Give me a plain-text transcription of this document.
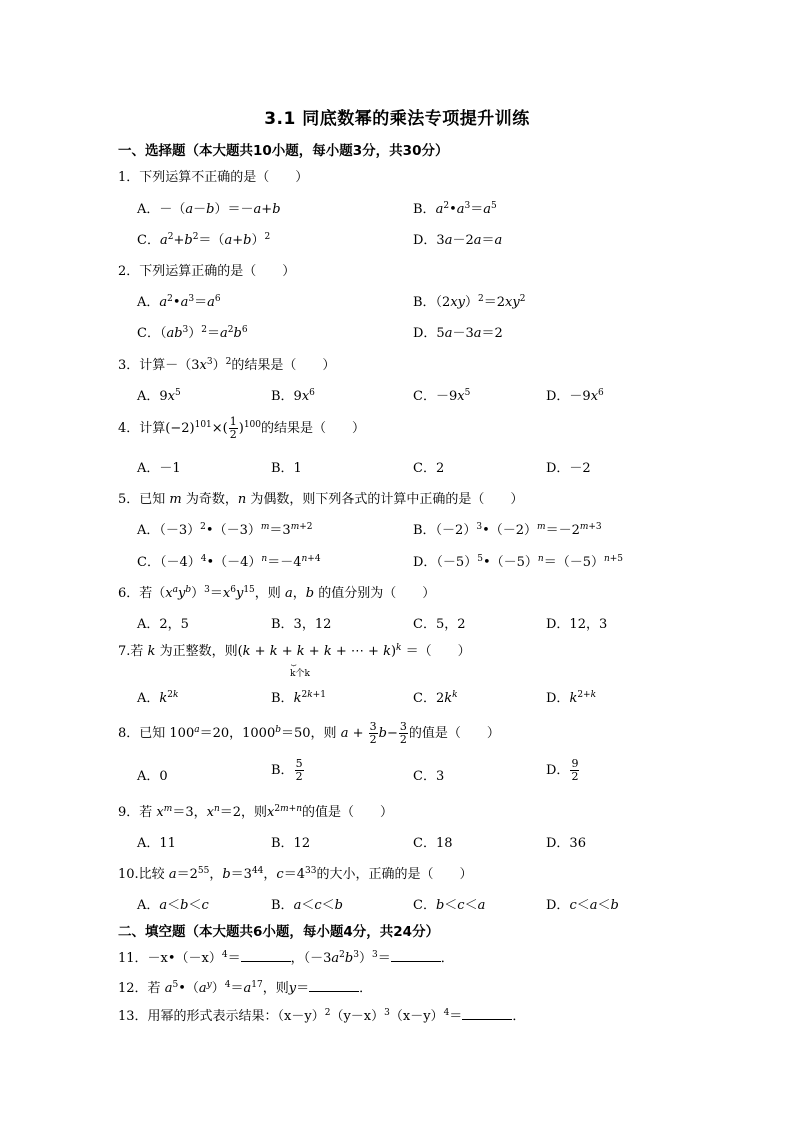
3.1 同底数幂的乘法专项提升训练
一、选择题（本大题共10小题，每小题3分，共30分）
1．下列运算不正确的是（　　）
A．－（a－b）＝－a+b	B．$a^2•a^3=a^5$
C．$a^2+b^2=(a+b)^2$	D．3a－2a＝a
2．下列运算正确的是（　　）
A．$a^2•a^3=a^6$	B．$(2xy)^2=2xy^2$
C．$(ab^3)^2=a^2b^6$	D．5a－3a＝2
3．计算$-(3x^3)^2$的结果是（　　）
A．$9x^5$	B．$9x^6$	C．$-9x^5$	D．$-9x^6$
4．计算$(-2)^{101}\times( \frac{1}{2} )^{100}$的结果是（　　）
A．－1	B．1	C．2	D．－2
5．已知 m 为奇数，n 为偶数，则下列各式的计算中正确的是（　　）
A．$(-3)^2•(-3)^m=3^{m+2}$	B．$(-2)^3•(-2)^m=-2^{m+3}$
C．$(-4)^4•(-4)^n=-4^{n+4}$	D．$(-5)^5•(-5)^n=(-5)^{n+5}$
6．若$(x^ay^b)^3=x^6y^{15}$，则 a，b 的值分别为（　　）
A．2，5	B．3，12	C．5，2	D．12，3
7.若 k 为正整数，则(k + k + k + k + ⋯ + k)$^k$ ＝（　　）
⏟
k个k
A．$k^{2k}$	B．$k^{2k+1}$	C．$2k^k$	D．$k^{2+k}$
8．已知 $100^a=20$，$1000^b=50$，则 $a + \frac{3}{2} b- \frac{3}{2}$ 的值是（　　）
A．0	B． $\frac{5}{2}$	C．3	D． $\frac{9}{2}$
9．若 $x^m=3$，$x^n=2$，则$x^{2m+n}$的值是（　　）
A．11	B．12	C．18	D．36
10.比较 $a=2^{55}$，$b=3^{44}$，$c=4^{33}$的大小，正确的是（　　）
A．a＜b＜c	B．a＜c＜b	C．b＜c＜a	D．c＜a＜b
二、填空题（本大题共6小题，每小题4分，共24分）
11．$-x•(-x)^4=$	，$(-3a^2b^3)^3=$	．
12．若 $a^5•(a^y)^4=a^{17}$，则y＝	．
13．用幂的形式表示结果：$(x-y)^2(y-x)^3(x-y)^4=$	．
